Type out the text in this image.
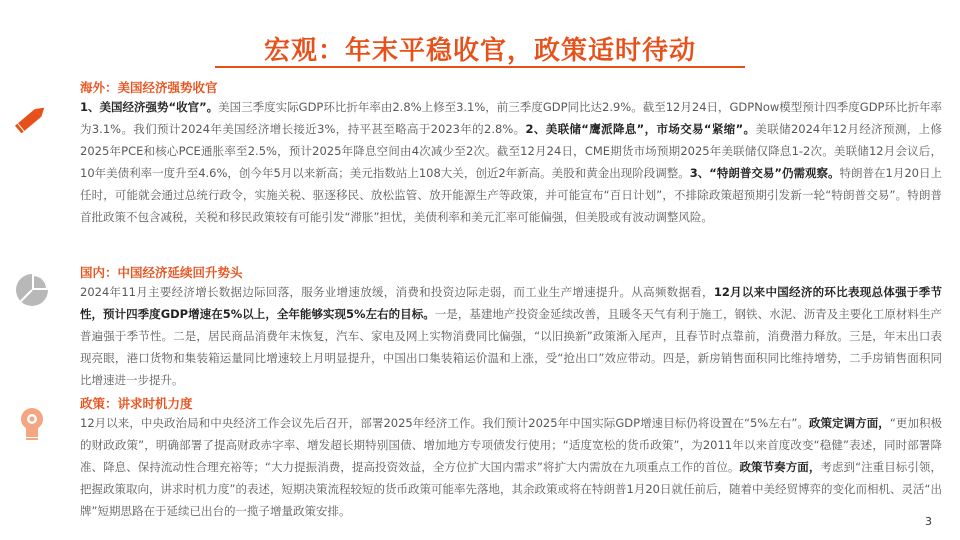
宏观：年末平稳收官，政策适时待动
海外：美国经济强势收官
1、美国经济强势“收官”。美国三季度实际GDP环比折年率由2.8%上修至3.1%，前三季度GDP同比达2.9%。截至12月24日，GDPNow模型预计四季度GDP环比折年率为3.1%。我们预计2024年美国经济增长接近3%，持平甚至略高于2023年的2.8%。2、美联储“鹰派降息”，市场交易“紧缩”。美联储2024年12月经济预测，上修2025年PCE和核心PCE通胀率至2.5%，预计2025年降息空间由4次减少至2次。截至12月24日，CME期货市场预期2025年美联储仅降息1-2次。美联储12月会议后，10年美债利率一度升至4.6%，创今年5月以来新高；美元指数站上108大关，创近2年新高。美股和黄金出现阶段调整。3、“特朗普交易”仍需观察。特朗普在1月20日上任时，可能就会通过总统行政令，实施关税、驱逐移民、放松监管、放开能源生产等政策，并可能宣布“百日计划”，不排除政策超预期引发新一轮“特朗普交易”。特朗普首批政策不包含减税，关税和移民政策较有可能引发“滞胀”担忧，美债利率和美元汇率可能偏强，但美股或有波动调整风险。
国内：中国经济延续回升势头
2024年11月主要经济增长数据边际回落，服务业增速放缓，消费和投资边际走弱，而工业生产增速提升。从高频数据看，12月以来中国经济的环比表现总体强于季节性，预计四季度GDP增速在5%以上，全年能够实现5%左右的目标。一是，基建地产投资金延续改善，且暖冬天气有利于施工，钢铁、水泥、沥青及主要化工原材料生产普遍强于季节性。二是，居民商品消费年末恢复，汽车、家电及网上实物消费同比偏强，“以旧换新”政策渐入尾声，且春节时点靠前，消费潜力释放。三是，年末出口表现亮眼，港口货物和集装箱运量同比增速较上月明显提升，中国出口集装箱运价温和上涨，受“抢出口”效应带动。四是，新房销售面积同比维持增势，二手房销售面积同比增速进一步提升。
政策：讲求时机力度
12月以来，中央政治局和中央经济工作会议先后召开，部署2025年经济工作。我们预计2025年中国实际GDP增速目标仍将设置在“5%左右”。政策定调方面，“更加积极的财政政策”，明确部署了提高财政赤字率、增发超长期特别国债、增加地方专项债发行使用；“适度宽松的货币政策”，为2011年以来首度改变“稳健”表述，同时部署降准、降息、保持流动性合理充裕等；“大力提振消费，提高投资效益，全方位扩大国内需求”将扩大内需放在九项重点工作的首位。政策节奏方面，考虑到“注重目标引领，把握政策取向，讲求时机力度”的表述，短期决策流程较短的货币政策可能率先落地，其余政策或将在特朗普1月20日就任前后，随着中美经贸博弈的变化而相机、灵活“出牌”短期思路在于延续已出台的一揽子增量政策安排。
3
